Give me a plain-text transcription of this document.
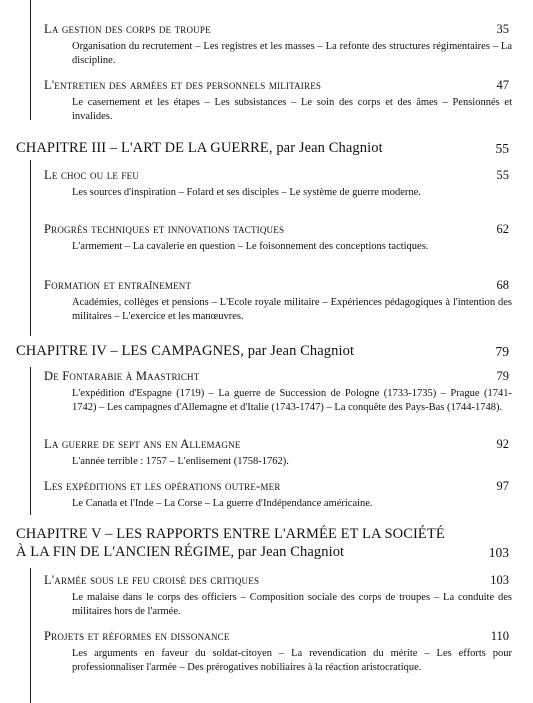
La gestion des corps de troupe	35
Organisation du recrutement – Les registres et les masses – La refonte des structures régimentaires – La discipline.
L'entretien des armées et des personnels militaires	47
Le casernement et les étapes – Les subsistances – Le soin des corps et des âmes – Pensionnés et invalides.
CHAPITRE III – L'ART DE LA GUERRE, par Jean Chagniot	55
Le choc ou le feu	55
Les sources d'inspiration – Folard et ses disciples – Le système de guerre moderne.
Progrès techniques et innovations tactiques	62
L'armement – La cavalerie en question – Le foisonnement des conceptions tactiques.
Formation et entraînement	68
Académies, collèges et pensions – L'Ecole royale militaire – Expériences pédagogiques à l'intention des militaires – L'exercice et les manœuvres.
CHAPITRE IV – LES CAMPAGNES, par Jean Chagniot	79
De Fontarabie à Maastricht	79
L'expédition d'Espagne (1719) – La guerre de Succession de Pologne (1733-1735) – Prague (1741-1742) – Les campagnes d'Allemagne et d'Italie (1743-1747) – La conquête des Pays-Bas (1744-1748).
La guerre de sept ans en Allemagne	92
L'année terrible : 1757 – L'enlisement (1758-1762).
Les expéditions et les opérations outre-mer	97
Le Canada et l'Inde – La Corse – La guerre d'Indépendance américaine.
CHAPITRE V – LES RAPPORTS ENTRE L'ARMÉE ET LA SOCIÉTÉ
À LA FIN DE L'ANCIEN RÉGIME, par Jean Chagniot	103
L'armée sous le feu croisé des critiques	103
Le malaise dans le corps des officiers – Composition sociale des corps de troupes – La conduite des militaires hors de l'armée.
Projets et réformes en dissonance	110
Les arguments en faveur du soldat-citoyen – La revendication du mérite – Les efforts pour professionnaliser l'armée – Des prérogatives nobiliaires à la réaction aristocratique.
